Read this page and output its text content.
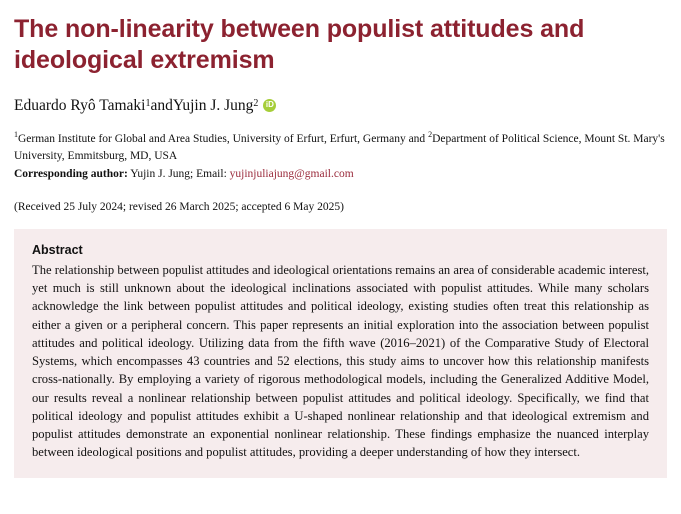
The non-linearity between populist attitudes and ideological extremism
Eduardo Ryô Tamaki 1 and Yujin J. Jung 2
iD
$^1$German Institute for Global and Area Studies, University of Erfurt, Erfurt, Germany and $^2$Department of Political Science, Mount St. Mary's University, Emmitsburg, MD, USA
Corresponding author: Yujin J. Jung; Email: yujinjuliajung@gmail.com
(Received 25 July 2024; revised 26 March 2025; accepted 6 May 2025)
Abstract

The relationship between populist attitudes and ideological orientations remains an area of considerable academic interest, yet much is still unknown about the ideological inclinations associated with populist attitudes. While many scholars acknowledge the link between populist attitudes and political ideology, existing studies often treat this relationship as either a given or a peripheral concern. This paper represents an initial exploration into the association between populist attitudes and political ideology. Utilizing data from the fifth wave (2016–2021) of the Comparative Study of Electoral Systems, which encompasses 43 countries and 52 elections, this study aims to uncover how this relationship manifests cross-nationally. By employing a variety of rigorous methodological models, including the Generalized Additive Model, our results reveal a nonlinear relationship between populist attitudes and political ideology. Specifically, we find that political ideology and populist attitudes exhibit a U-shaped nonlinear relationship and that ideological extremism and populist attitudes demonstrate an exponential nonlinear relationship. These findings emphasize the nuanced interplay between ideological positions and populist attitudes, providing a deeper understanding of how they intersect.
